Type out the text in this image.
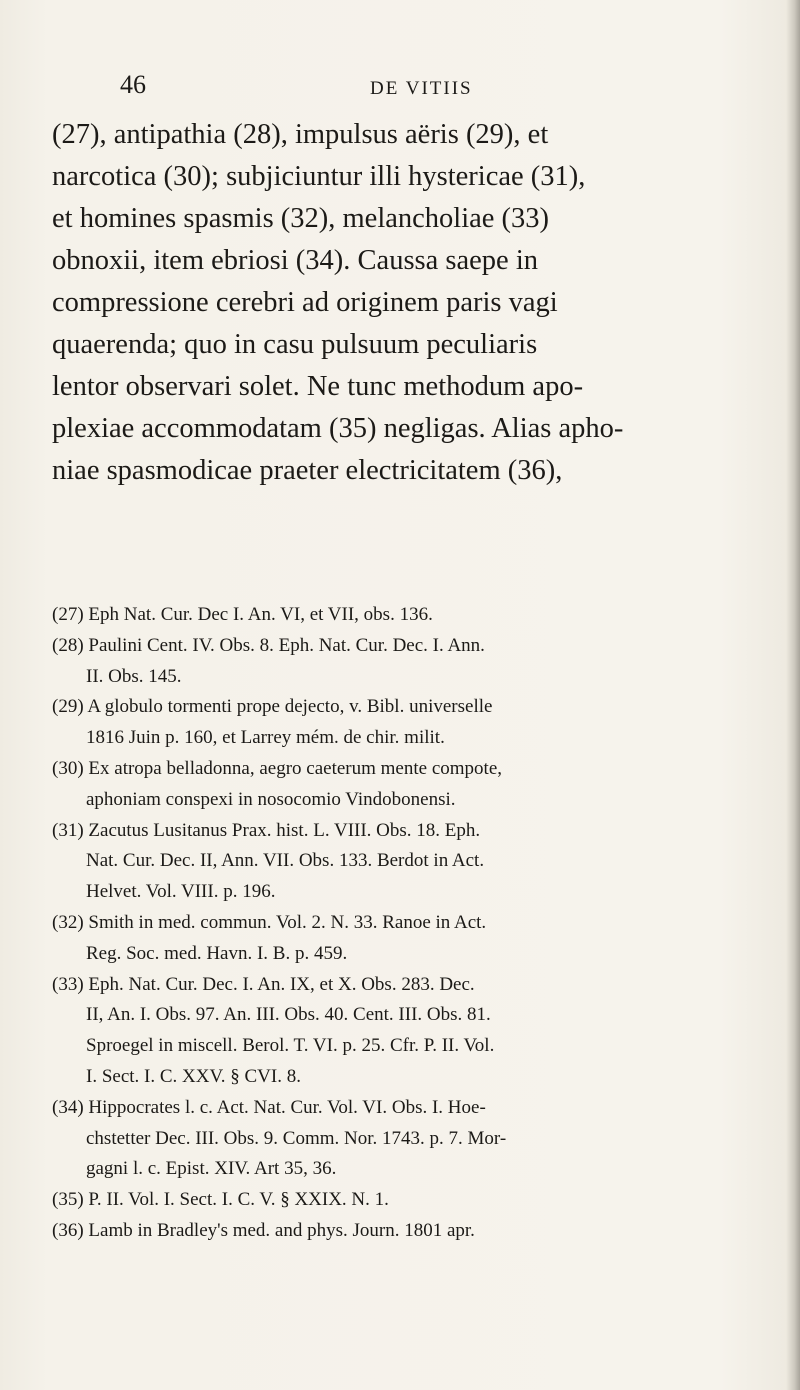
46	DE VITIIS
(27), antipathia (28), impulsus aëris (29), et
narcotica (30); subjiciuntur illi hystericae (31),
et homines spasmis (32), melancholiae (33)
obnoxii, item ebriosi (34). Caussa saepe in
compressione cerebri ad originem paris vagi
quaerenda; quo in casu pulsuum peculiaris
lentor observari solet. Ne tunc methodum apo-
plexiae accommodatam (35) negligas. Alias apho-
niae spasmodicae praeter electricitatem (36),
(27) Eph Nat. Cur. Dec I. An. VI, et VII, obs. 136.
(28) Paulini Cent. IV. Obs. 8. Eph. Nat. Cur. Dec. I. Ann.
II. Obs. 145.
(29) A globulo tormenti prope dejecto, v. Bibl. universelle
1816 Juin p. 160, et Larrey mém. de chir. milit.
(30) Ex atropa belladonna, aegro caeterum mente compote,
aphoniam conspexi in nosocomio Vindobonensi.
(31) Zacutus Lusitanus Prax. hist. L. VIII. Obs. 18. Eph.
Nat. Cur. Dec. II, Ann. VII. Obs. 133. Berdot in Act.
Helvet. Vol. VIII. p. 196.
(32) Smith in med. commun. Vol. 2. N. 33. Ranoe in Act.
Reg. Soc. med. Havn. I. B. p. 459.
(33) Eph. Nat. Cur. Dec. I. An. IX, et X. Obs. 283. Dec.
II, An. I. Obs. 97. An. III. Obs. 40. Cent. III. Obs. 81.
Sproegel in miscell. Berol. T. VI. p. 25. Cfr. P. II. Vol.
I. Sect. I. C. XXV. § CVI. 8.
(34) Hippocrates l. c. Act. Nat. Cur. Vol. VI. Obs. I. Hoe-
chstetter Dec. III. Obs. 9. Comm. Nor. 1743. p. 7. Mor-
gagni l. c. Epist. XIV. Art 35, 36.
(35) P. II. Vol. I. Sect. I. C. V. § XXIX. N. 1.
(36) Lamb in Bradley's med. and phys. Journ. 1801 apr.
